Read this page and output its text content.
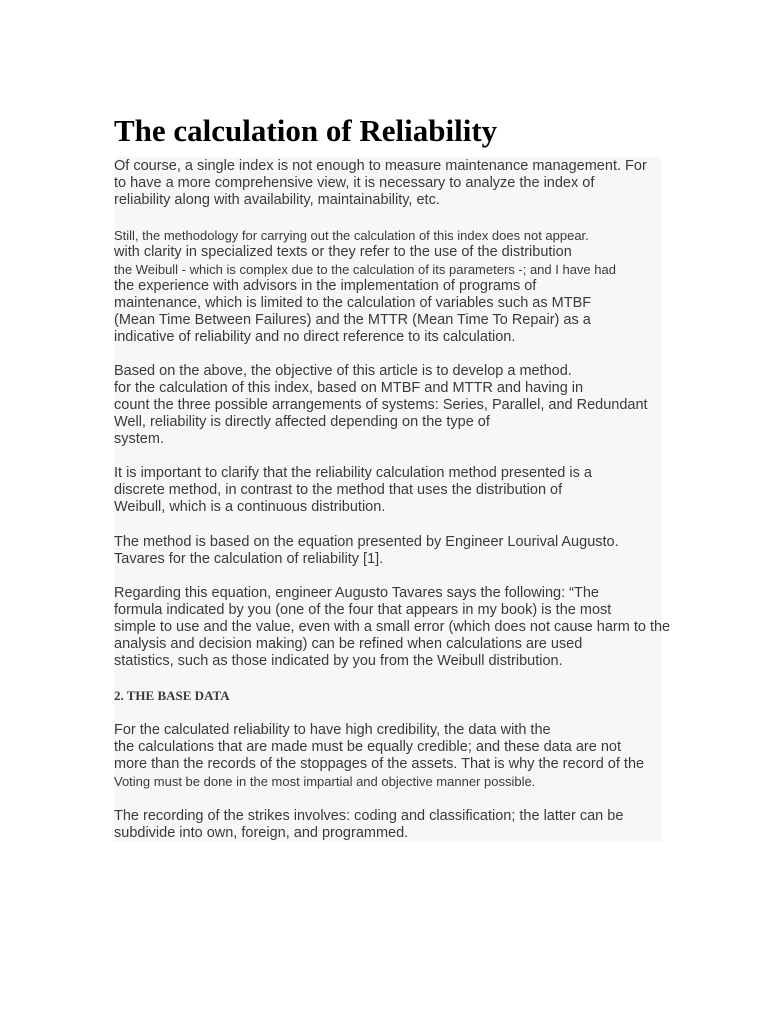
The calculation of Reliability

Of course, a single index is not enough to measure maintenance management. For

to have a more comprehensive view, it is necessary to analyze the index of

reliability along with availability, maintainability, etc.

Still, the methodology for carrying out the calculation of this index does not appear.

with clarity in specialized texts or they refer to the use of the distribution

the Weibull - which is complex due to the calculation of its parameters -; and I have had

the experience with advisors in the implementation of programs of

maintenance, which is limited to the calculation of variables such as MTBF

(Mean Time Between Failures) and the MTTR (Mean Time To Repair) as a

indicative of reliability and no direct reference to its calculation.

Based on the above, the objective of this article is to develop a method.

for the calculation of this index, based on MTBF and MTTR and having in

count the three possible arrangements of systems: Series, Parallel, and Redundant

Well, reliability is directly affected depending on the type of

system.

It is important to clarify that the reliability calculation method presented is a

discrete method, in contrast to the method that uses the distribution of

Weibull, which is a continuous distribution.

The method is based on the equation presented by Engineer Lourival Augusto.

Tavares for the calculation of reliability [1].

Regarding this equation, engineer Augusto Tavares says the following: “The

formula indicated by you (one of the four that appears in my book) is the most

simple to use and the value, even with a small error (which does not cause harm to the

analysis and decision making) can be refined when calculations are used

statistics, such as those indicated by you from the Weibull distribution.

2. THE BASE DATA

For the calculated reliability to have high credibility, the data with the

the calculations that are made must be equally credible; and these data are not

more than the records of the stoppages of the assets. That is why the record of the

Voting must be done in the most impartial and objective manner possible.

The recording of the strikes involves: coding and classification; the latter can be

subdivide into own, foreign, and programmed.
